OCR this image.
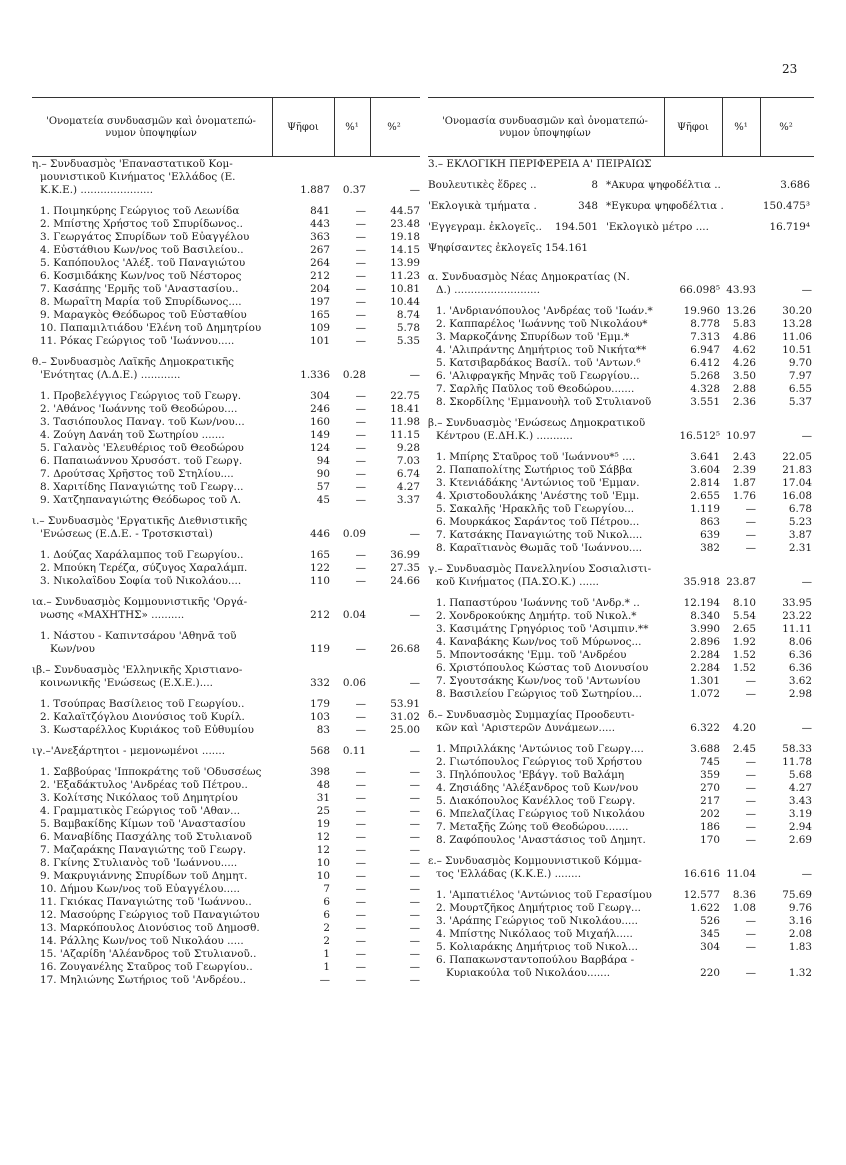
23
'Ονοματεία συνδυασμῶν καὶ ὀνοματεπώ-
νυμον ὑποψηφίων
Ψῆφοι	%¹	%²
'Ονομασία συνδυασμῶν καὶ ὀνοματεπώ-
νυμον ὑποψηφίων
Ψῆφοι	%¹	%²
η.– Συνδυασμὸς 'Επαναστατικοῦ Κομ-
μουνιστικοῦ Κινήματος 'Ελλάδος (Ε.
Κ.Κ.Ε.) ......................	1.887	0.37	—
1. Ποιμηκύρης Γεώργιος τοῦ Λεωνίδα	841	—	44.57
2. Μπίστης Χρήστος τοῦ Σπυρίδωνος..	443	—	23.48
3. Γεωργάτος Σπυρίδων τοῦ Εὐαγγέλου	363	—	19.18
4. Εὐστάθιου Κων/νος τοῦ Βασιλείου..	267	—	14.15
5. Καπόπουλος 'Αλέξ. τοῦ Παναγιώτου	264	—	13.99
6. Κοσμιδάκης Κων/νος τοῦ Νέστορος	212	—	11.23
7. Κασάπης 'Ερμῆς τοῦ 'Αναστασίου..	204	—	10.81
8. Μωραΐτη Μαρία τοῦ Σπυρίδωνος....	197	—	10.44
9. Μαραγκὸς Θεόδωρος τοῦ Εὐσταθίου	165	—	8.74
10. Παπαμιλτιάδου 'Ελένη τοῦ Δημητρίου	109	—	5.78
11. Ρόκας Γεώργιος τοῦ 'Ιωάννου.....	101	—	5.35
θ.– Συνδυασμὸς Λαϊκῆς Δημοκρατικῆς
'Ενότητας (Λ.Δ.Ε.) ............	1.336	0.28	—
1. Προβελέγγιος Γεώργιος τοῦ Γεωργ.	304	—	22.75
2. 'Αθάνος 'Ιωάννης τοῦ Θεοδώρου....	246	—	18.41
3. Τασιόπουλος Παναγ. τοῦ Κων/νου...	160	—	11.98
4. Ζούγη Δανάη τοῦ Σωτηρίου .......	149	—	11.15
5. Γαλανὸς 'Ελευθέριος τοῦ Θεοδώρου	124	—	9.28
6. Παπαιωάννου Χρυσόστ. τοῦ Γεωργ.	94	—	7.03
7. Δρούτσας Χρῆστος τοῦ Στηλίου....	90	—	6.74
8. Χαριτίδης Παναγιώτης τοῦ Γεωργ...	57	—	4.27
9. Χατζηπαναγιώτης Θεόδωρος τοῦ Λ.	45	—	3.37
ι.– Συνδυασμὸς 'Εργατικῆς Διεθνιστικῆς
'Ενώσεως (Ε.Δ.Ε. - Τροτσκισταὶ)	446	0.09	—
1. Δούζας Χαράλαμπος τοῦ Γεωργίου..	165	—	36.99
2. Μπούκη Τερέζα, σύζυγος Χαραλάμπ.	122	—	27.35
3. Νικολαΐδου Σοφία τοῦ Νικολάου....	110	—	24.66
ια.– Συνδυασμὸς Κομμουνιστικῆς 'Οργά-
νωσης «ΜΑΧΗΤΗΣ» ..........	212	0.04	—
1. Νάστου - Καπιντσάρου 'Αθηνᾶ τοῦ
Κων/νου	119	—	26.68
ιβ.– Συνδυασμὸς 'Ελληνικῆς Χριστιανο-
κοινωνικῆς 'Ενώσεως (Ε.Χ.Ε.)....	332	0.06	—
1. Τσούπρας Βασίλειος τοῦ Γεωργίου..	179	—	53.91
2. Καλαϊτζόγλου Διονύσιος τοῦ Κυρίλ.	103	—	31.02
3. Κωσταρέλλος Κυριάκος τοῦ Εὐθυμίου	83	—	25.00
ιγ.–'Ανεξάρτητοι - μεμονωμένοι .......	568	0.11	—
1. Σαββούρας 'Ιπποκράτης τοῦ 'Οδυσσέως	398	—	—
2. 'Εξαδάκτυλος 'Ανδρέας τοῦ Πέτρου..	48	—	—
3. Κολίτσης Νικόλαος τοῦ Δημητρίου	31	—	—
4. Γραμματικὸς Γεώργιος τοῦ 'Αθαν...	25	—	—
5. Βαμβακίδης Κίμων τοῦ 'Αναστασίου	19	—	—
6. Μαναβίδης Πασχάλης τοῦ Στυλιανοῦ	12	—	—
7. Μαζαράκης Παναγιώτης τοῦ Γεωργ.	12	—	—
8. Γκίνης Στυλιανὸς τοῦ 'Ιωάννου.....	10	—	—
9. Μακρυγιάννης Σπυρίδων τοῦ Δημητ.	10	—	—
10. Δήμου Κων/νος τοῦ Εὐαγγέλου.....	7	—	—
11. Γκιόκας Παναγιώτης τοῦ 'Ιωάννου..	6	—	—
12. Μασούρης Γεώργιος τοῦ Παναγιώτου	6	—	—
13. Μαρκόπουλος Διονύσιος τοῦ Δημοσθ.	2	—	—
14. Ράλλης Κων/νος τοῦ Νικολάου .....	2	—	—
15. 'Αζαρίδη 'Αλέανδρος τοῦ Στυλιανοῦ..	1	—	—
16. Ζουγανέλης Σταῦρος τοῦ Γεωργίου..	1	—	—
17. Μηλιώνης Σωτήριος τοῦ 'Ανδρέου..	—	—	—
3.– ΕΚΛΟΓΙΚΗ ΠΕΡΙΦΕΡΕΙΑ Α' ΠΕΙΡΑΙΩΣ
Βουλευτικὲς ἕδρες ..	8 *Ακυρα ψηφοδέλτια ..	3.686
'Εκλογικὰ τμήματα .	348 *Εγκυρα ψηφοδέλτια .	150.475³
'Εγγεγραμ. ἐκλογεῖς..	194.501 'Εκλογικὸ μέτρο ....	16.719⁴
Ψηφίσαντες ἐκλογεῖς 154.161
α. Συνδυασμὸς Νέας Δημοκρατίας (Ν.
Δ.) ..........................	66.098⁵ 43.93	—
1. 'Ανδριανόπουλος 'Ανδρέας τοῦ 'Ιωάν.*	19.960 13.26	30.20
2. Καππαρέλος 'Ιωάννης τοῦ Νικολάου*	8.778	5.83	13.28
3. Μαρκοζάνης Σπυρίδων τοῦ 'Εμμ.*	7.313	4.86	11.06
4. 'Αλιπράντης Δημήτριος τοῦ Νικήτα**	6.947	4.62	10.51
5. Κατσιβαρδάκος Βασίλ. τοῦ 'Αντων.⁶	6.412	4.26	9.70
6. 'Αλιφραγκῆς Μηνᾶς τοῦ Γεωργίου...	5.268	3.50	7.97
7. Σαρλῆς Παῦλος τοῦ Θεοδώρου.......	4.328	2.88	6.55
8. Σκορδίλης 'Εμμανουὴλ τοῦ Στυλιανοῦ	3.551	2.36	5.37
β.– Συνδυασμὸς 'Ενώσεως Δημοκρατικοῦ
Κέντρου (Ε.ΔΗ.Κ.) ...........	16.512⁵ 10.97	—
1. Μπίρης Σταῦρος τοῦ 'Ιωάννου*⁵ ....	3.641	2.43	22.05
2. Παπαπολίτης Σωτήριος τοῦ Σάββα	3.604	2.39	21.83
3. Κτενιάδάκης 'Αντώνιος τοῦ 'Εμμαν.	2.814	1.87	17.04
4. Χριστοδουλάκης 'Ανέστης τοῦ 'Εμμ.	2.655	1.76	16.08
5. Σακαλῆς 'Ηρακλῆς τοῦ Γεωργίου...	1.119	—	6.78
6. Μουρκάκος Σαράντος τοῦ Πέτρου...	863	—	5.23
7. Κατσάκης Παναγιώτης τοῦ Νικολ....	639	—	3.87
8. Καραϊτιανὸς Θωμᾶς τοῦ 'Ιωάννου....	382	—	2.31
γ.– Συνδυασμὸς Πανελληνίου Σοσιαλιστι-
κοῦ Κινήματος (ΠΑ.ΣΟ.Κ.) ......	35.918 23.87	—
1. Παπαστύρου 'Ιωάννης τοῦ 'Ανδρ.* ..	12.194	8.10	33.95
2. Χονδροκούκης Δημήτρ. τοῦ Νικολ.*	8.340	5.54	23.22
3. Κασιμάτης Γρηγόριος τοῦ 'Ασιμπιν.**	3.990	2.65	11.11
4. Καναβάκης Κων/νος τοῦ Μύρωνος...	2.896	1.92	8.06
5. Μποντοσάκης 'Εμμ. τοῦ 'Ανδρέου	2.284	1.52	6.36
6. Χριστόπουλος Κώστας τοῦ Διονυσίου	2.284	1.52	6.36
7. Σγουτσάκης Κων/νος τοῦ 'Αντωνίου	1.301	—	3.62
8. Βασιλείου Γεώργιος τοῦ Σωτηρίου...	1.072	—	2.98
δ.– Συνδυασμὸς Συμμαχίας Προοδευτι-
κῶν καὶ 'Αριστερῶν Δυνάμεων.....	6.322	4.20	—
1. Μπριλλάκης 'Αντώνιος τοῦ Γεωργ....	3.688	2.45	58.33
2. Γιωτόπουλος Γεώργιος τοῦ Χρήστου	745	—	11.78
3. Πηλόπουλος 'Εβάγγ. τοῦ Βαλάμη	359	—	5.68
4. Ζησιάδης 'Αλέξανδρος τοῦ Κων/νου	270	—	4.27
5. Διακόπουλος Κανέλλος τοῦ Γεωργ.	217	—	3.43
6. Μπελαζίλας Γεώργιος τοῦ Νικολάου	202	—	3.19
7. Μεταξῆς Ζώης τοῦ Θεοδώρου.......	186	—	2.94
8. Ζαφόπουλος 'Αναστάσιος τοῦ Δημητ.	170	—	2.69
ε.– Συνδυασμὸς Κομμουνιστικοῦ Κόμμα-
τος 'Ελλάδας (Κ.Κ.Ε.) ........	16.616 11.04	—
1. 'Αμπατιέλος 'Αντώνιος τοῦ Γερασίμου	12.577	8.36	75.69
2. Μουρτζῆκος Δημήτριος τοῦ Γεωργ...	1.622	1.08	9.76
3. 'Αράπης Γεώργιος τοῦ Νικολάου.....	526	—	3.16
4. Μπίστης Νικόλαος τοῦ Μιχαήλ.....	345	—	2.08
5. Κολιαράκης Δημήτριος τοῦ Νικολ...	304	—	1.83
6. Παπακωνσταντοπούλου Βαρβάρα -
Κυριακούλα τοῦ Νικολάου.......	220	—	1.32
